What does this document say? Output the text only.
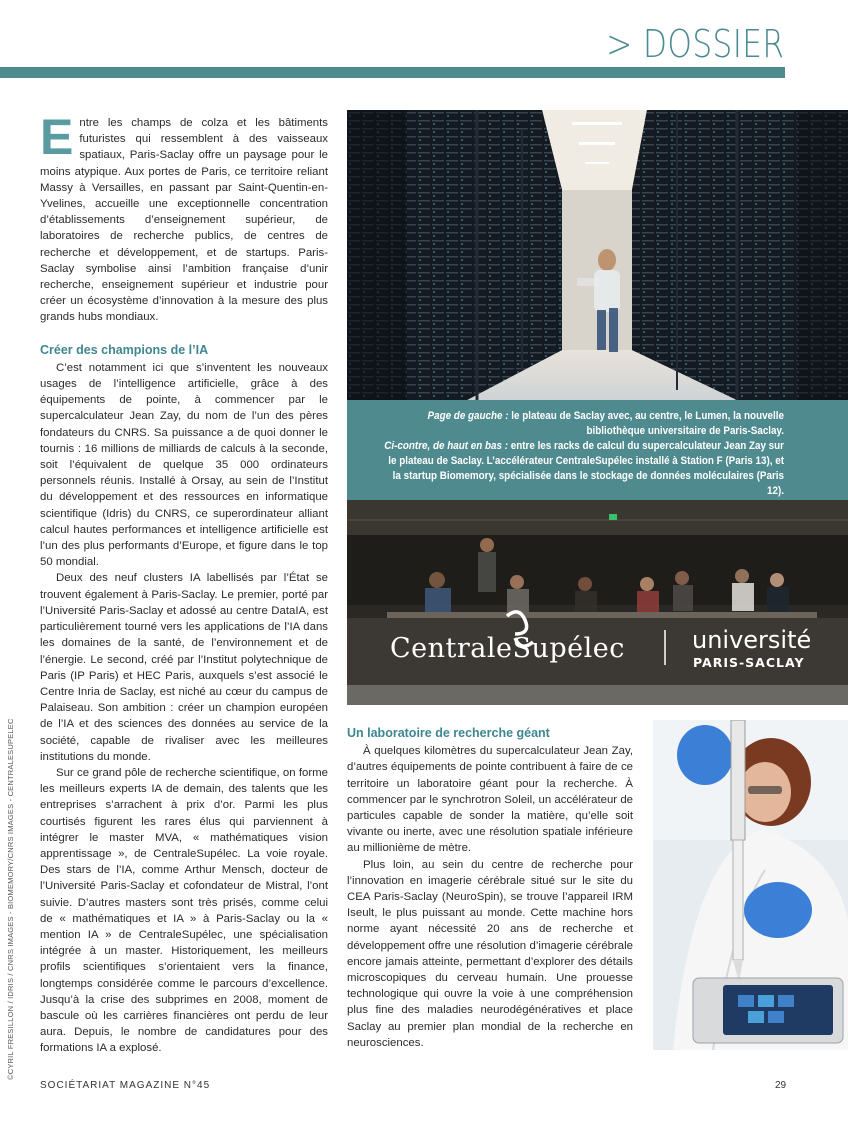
> DOSSIER

Entre les champs de colza et les bâtiments futuristes qui ressemblent à des vaisseaux spatiaux, Paris-Saclay offre un paysage pour le moins atypique. Aux portes de Paris, ce territoire reliant Massy à Versailles, en passant par Saint-Quentin-en-Yvelines, accueille une exceptionnelle concentration d’établissements d’enseignement supérieur, de laboratoires de recherche publics, de centres de recherche et développement, et de startups. Paris-Saclay symbolise ainsi l’ambition française d’unir recherche, enseignement supérieur et industrie pour créer un écosystème d’innovation à la mesure des plus grands hubs mondiaux.

Créer des champions de l’IA

C’est notamment ici que s’inventent les nouveaux usages de l’intelligence artificielle, grâce à des équipements de pointe, à commencer par le supercalculateur Jean Zay, du nom de l’un des pères fondateurs du CNRS. Sa puissance a de quoi donner le tournis : 16 millions de milliards de calculs à la seconde, soit l’équivalent de quelque 35 000 ordinateurs personnels réunis. Installé à Orsay, au sein de l’Institut du développement et des ressources en informatique scientifique (Idris) du CNRS, ce superordinateur alliant calcul hautes performances et intelligence artificielle est l’un des plus performants d’Europe, et figure dans le top 50 mondial.

Deux des neuf clusters IA labellisés par l’État se trouvent également à Paris-Saclay. Le premier, porté par l’Université Paris-Saclay et adossé au centre DataIA, est particulièrement tourné vers les applications de l’IA dans les domaines de la santé, de l’environnement et de l’énergie. Le second, créé par l’Institut polytechnique de Paris (IP Paris) et HEC Paris, auxquels s’est associé le Centre Inria de Saclay, est niché au cœur du campus de Palaiseau. Son ambition : créer un champion européen de l’IA et des sciences des données au service de la société, capable de rivaliser avec les meilleures institutions du monde.

Sur ce grand pôle de recherche scientifique, on forme les meilleurs experts IA de demain, des talents que les entreprises s’arrachent à prix d’or. Parmi les plus courtisés figurent les rares élus qui parviennent à intégrer le master MVA, « mathématiques vision apprentissage », de CentraleSupélec. La voie royale. Des stars de l’IA, comme Arthur Mensch, docteur de l’Université Paris-Saclay et cofondateur de Mistral, l’ont suivie. D’autres masters sont très prisés, comme celui de « mathématiques et IA » à Paris-Saclay ou la « mention IA » de CentraleSupélec, une spécialisation intégrée à un master. Historiquement, les meilleurs profils scientifiques s’orientaient vers la finance, longtemps considérée comme le parcours d’excellence. Jusqu’à la crise des subprimes en 2008, moment de bascule où les carrières financières ont perdu de leur aura. Depuis, le nombre de candidatures pour des formations IA a explosé.

Page de gauche : le plateau de Saclay avec, au centre, le Lumen, la nouvelle bibliothèque universitaire de Paris-Saclay.
Ci-contre, de haut en bas : entre les racks de calcul du supercalculateur Jean Zay sur le plateau de Saclay. L’accélérateur CentraleSupélec installé à Station F (Paris 13), et la startup Biomemory, spécialisée dans le stockage de données moléculaires (Paris 12).
CentraleSupélec	université
PARIS-SACLAY

Un laboratoire de recherche géant

À quelques kilomètres du supercalculateur Jean Zay, d’autres équipements de pointe contribuent à faire de ce territoire un laboratoire géant pour la recherche. À commencer par le synchrotron Soleil, un accélérateur de particules capable de sonder la matière, qu’elle soit vivante ou inerte, avec une résolution spatiale inférieure au millionième de mètre.

Plus loin, au sein du centre de recherche pour l’innovation en imagerie cérébrale situé sur le site du CEA Paris-Saclay (NeuroSpin), se trouve l’appareil IRM Iseult, le plus puissant au monde. Cette machine hors norme ayant nécessité 20 ans de recherche et développement offre une résolution d’imagerie cérébrale encore jamais atteinte, permettant d’explorer des détails microscopiques du cerveau humain. Une prouesse technologique qui ouvre la voie à une compréhension plus fine des maladies neurodégénératives et place Saclay au premier plan mondial de la recherche en neurosciences.

©CYRIL FRESILLON / IDRIS / CNRS IMAGES - BIOMEMORY/CNRS IMAGES - CENTRALESUPELEC
SOCIÉTARIAT MAGAZINE N°45	29
